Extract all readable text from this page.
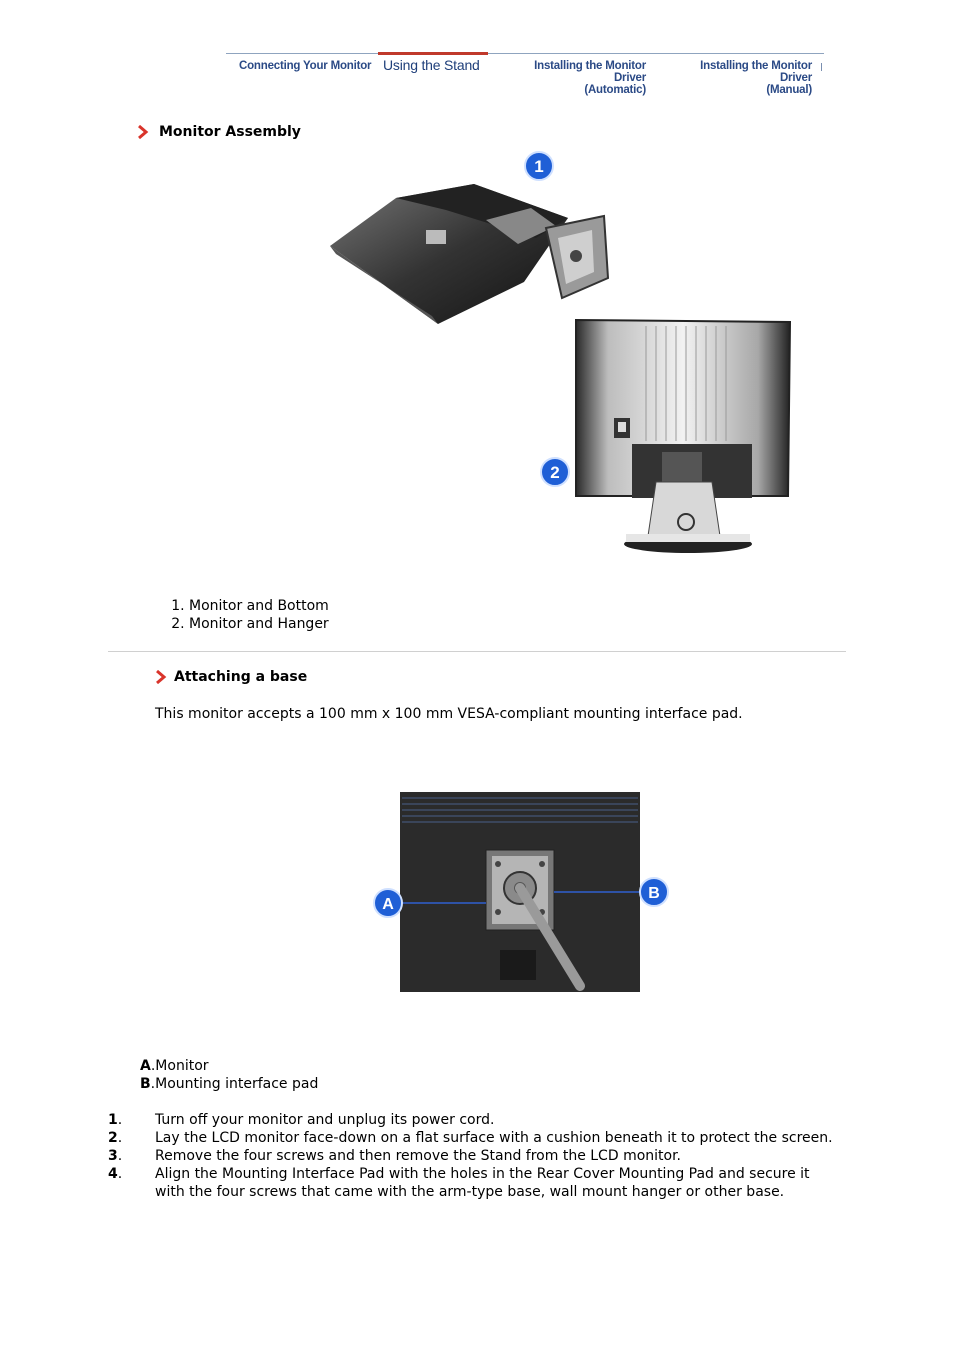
Connecting Your Monitor Using the Stand	Installing the Monitor Driver
(Automatic)
Installing the Monitor Driver
(Manual)
Monitor Assembly
1
2
1. Monitor and Bottom
2. Monitor and Hanger
Attaching a base
This monitor accepts a 100 mm x 100 mm VESA-compliant mounting interface pad.
A
B
A.Monitor
B.Mounting interface pad
1. Turn off your monitor and unplug its power cord.
2. Lay the LCD monitor face-down on a flat surface with a cushion beneath it to protect the screen.
3. Remove the four screws and then remove the Stand from the LCD monitor.
4. Align the Mounting Interface Pad with the holes in the Rear Cover Mounting Pad and secure it with the four screws that came with the arm-type base, wall mount hanger or other base.
